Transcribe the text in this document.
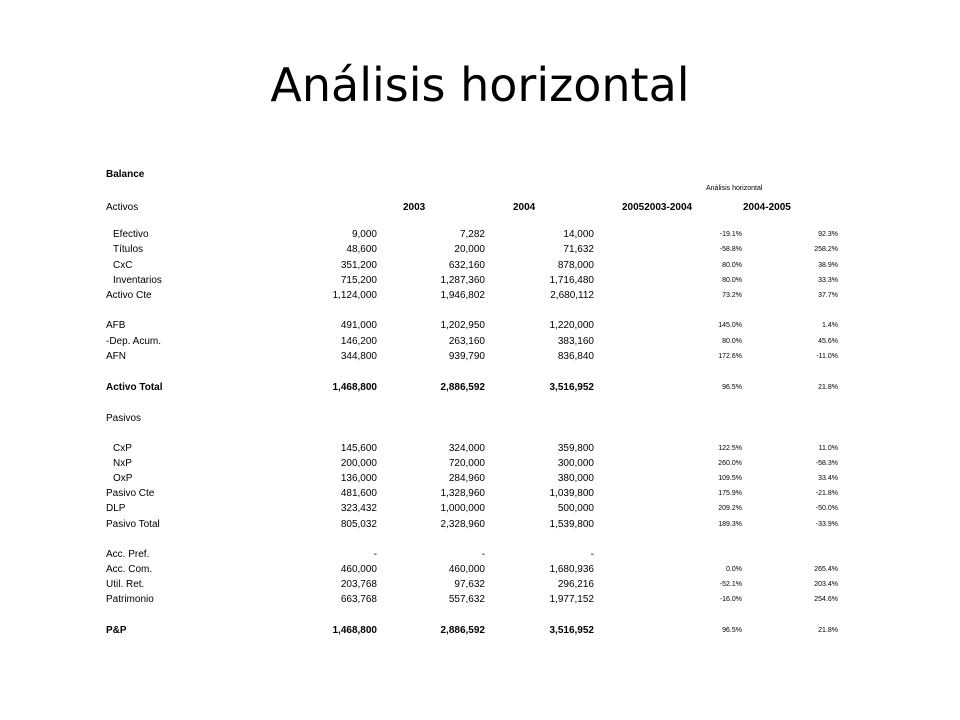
Análisis horizontal
Balance
Análisis horizontal
Activos	2003	2004	20052003-2004	2004-2005
Efectivo	9,000	7,282	14,000	-19.1%	92.3%
Títulos	48,600	20,000	71,632	-58.8%	258.2%
CxC	351,200	632,160	878,000	80.0%	38.9%
Inventarios	715,200	1,287,360	1,716,480	80.0%	33.3%
Activo Cte	1,124,000	1,946,802	2,680,112	73.2%	37.7%
AFB	491,000	1,202,950	1,220,000	145.0%	1.4%
-Dep. Acum.	146,200	263,160	383,160	80.0%	45.6%
AFN	344,800	939,790	836,840	172.6%	-11.0%
Activo Total	1,468,800	2,886,592	3,516,952	96.5%	21.8%
Pasivos
CxP	145,600	324,000	359,800	122.5%	11.0%
NxP	200,000	720,000	300,000	260.0%	-58.3%
OxP	136,000	284,960	380,000	109.5%	33.4%
Pasivo Cte	481,600	1,328,960	1,039,800	175.9%	-21.8%
DLP	323,432	1,000,000	500,000	209.2%	-50.0%
Pasivo Total	805,032	2,328,960	1,539,800	189.3%	-33.9%
Acc. Pref.	-	-	-
Acc. Com.	460,000	460,000	1,680,936	0.0%	265.4%
Util. Ret.	203,768	97,632	296,216	-52.1%	203.4%
Patrimonio	663,768	557,632	1,977,152	-16.0%	254.6%
P&P	1,468,800	2,886,592	3,516,952	96.5%	21.8%
